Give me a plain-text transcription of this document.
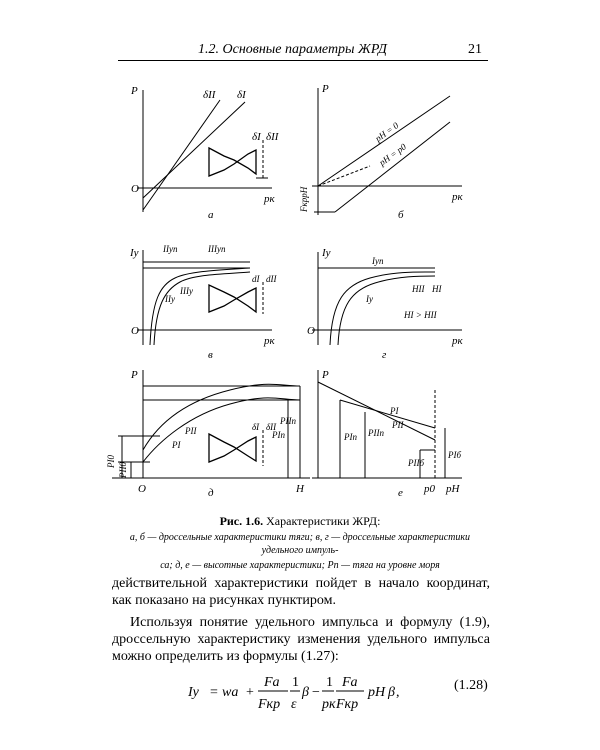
1.2. Основные параметры ЖРД	21
P
O
pк
δII δI
δI δII
а
P
pк
FкрpН
pН = 0
pН = p0
б
Iу
O
pк
IIуп	IIIуп
IIIу
IIу
dI dII
в
Iу
O
pк
Iуп
HII HI
Iу
HI > HII
г
P
O	H
PI
PII	δI δII
PIп
PIIп
PI0
PII0
д
P
p0 pН
PI
PII
PIп PIIп
PIIб
PIб
е
Рис. 1.6. Характеристики ЖРД:
а, б — дроссельные характеристики тяги; в, г — дроссельные характеристики удельного импуль-
са; д, е — высотные характеристики; Pп — тяга на уровне моря
действительной характеристики пойдет в начало координат, как показано на рисунках пунктиром.
Используя понятие удельного импульса и формулу (1.9), дроссельную характеристику изменения удельного импульса можно определить из формулы (1.27):
Iу = wа +
Fа
Fкр
1
ε
β −
1
pк
Fа
Fкр
pН β ,	(1.28)
